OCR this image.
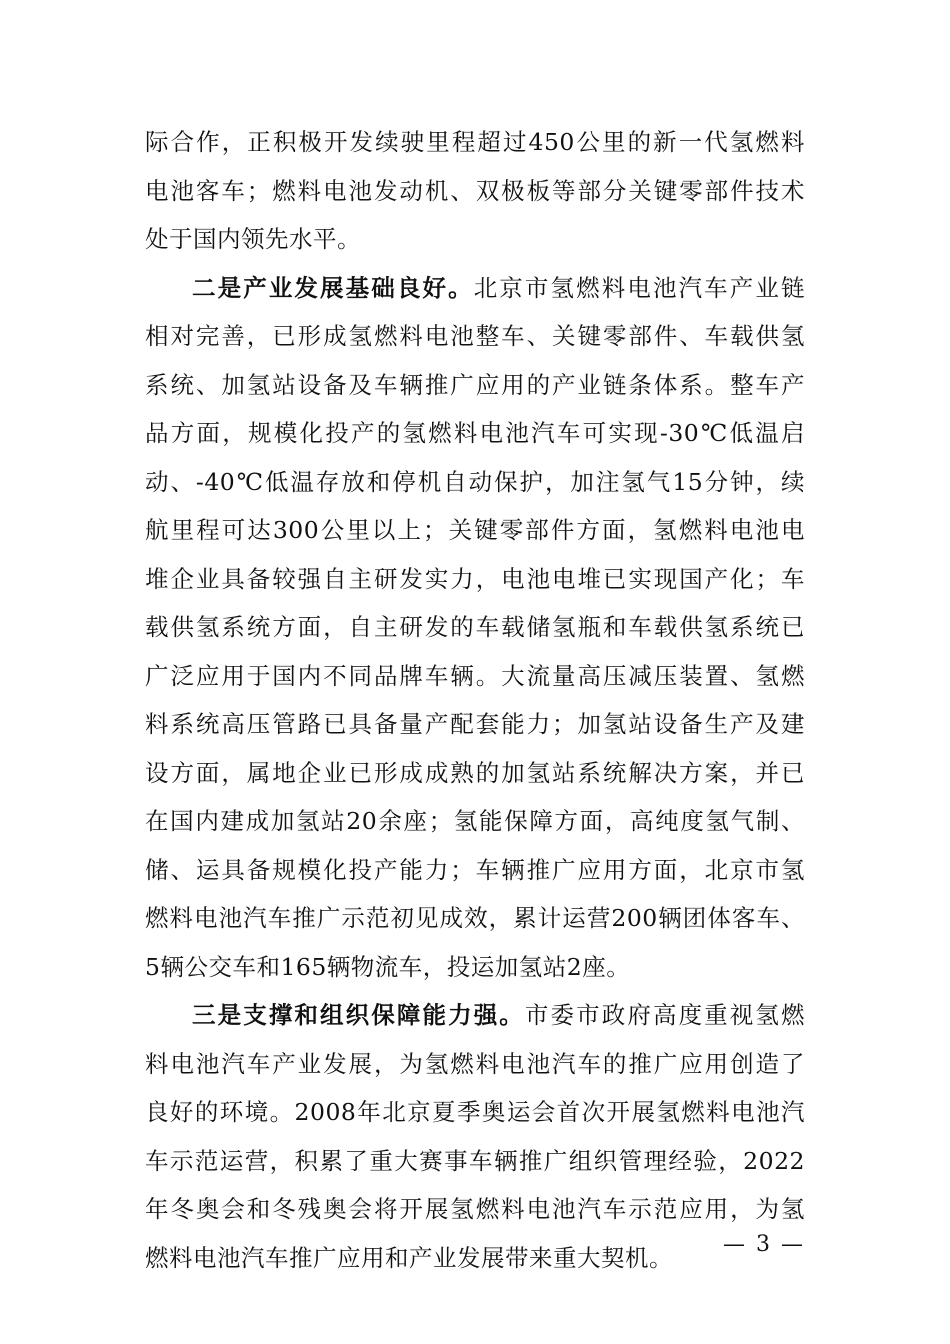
际合作，正积极开发续驶里程超过450公里的新一代氢燃料
电池客车；燃料电池发动机、双极板等部分关键零部件技术
处于国内领先水平。
二是产业发展基础良好。北京市氢燃料电池汽车产业链
相对完善，已形成氢燃料电池整车、关键零部件、车载供氢
系统、加氢站设备及车辆推广应用的产业链条体系。整车产
品方面，规模化投产的氢燃料电池汽车可实现-30℃低温启
动、-40℃低温存放和停机自动保护，加注氢气15分钟，续
航里程可达300公里以上；关键零部件方面，氢燃料电池电
堆企业具备较强自主研发实力，电池电堆已实现国产化；车
载供氢系统方面，自主研发的车载储氢瓶和车载供氢系统已
广泛应用于国内不同品牌车辆。大流量高压减压装置、氢燃
料系统高压管路已具备量产配套能力；加氢站设备生产及建
设方面，属地企业已形成成熟的加氢站系统解决方案，并已
在国内建成加氢站20余座；氢能保障方面，高纯度氢气制、
储、运具备规模化投产能力；车辆推广应用方面，北京市氢
燃料电池汽车推广示范初见成效，累计运营200辆团体客车、
5辆公交车和165辆物流车，投运加氢站2座。
三是支撑和组织保障能力强。市委市政府高度重视氢燃
料电池汽车产业发展，为氢燃料电池汽车的推广应用创造了
良好的环境。2008年北京夏季奥运会首次开展氢燃料电池汽
车示范运营，积累了重大赛事车辆推广组织管理经验，2022
年冬奥会和冬残奥会将开展氢燃料电池汽车示范应用，为氢
燃料电池汽车推广应用和产业发展带来重大契机。	— 3 —
